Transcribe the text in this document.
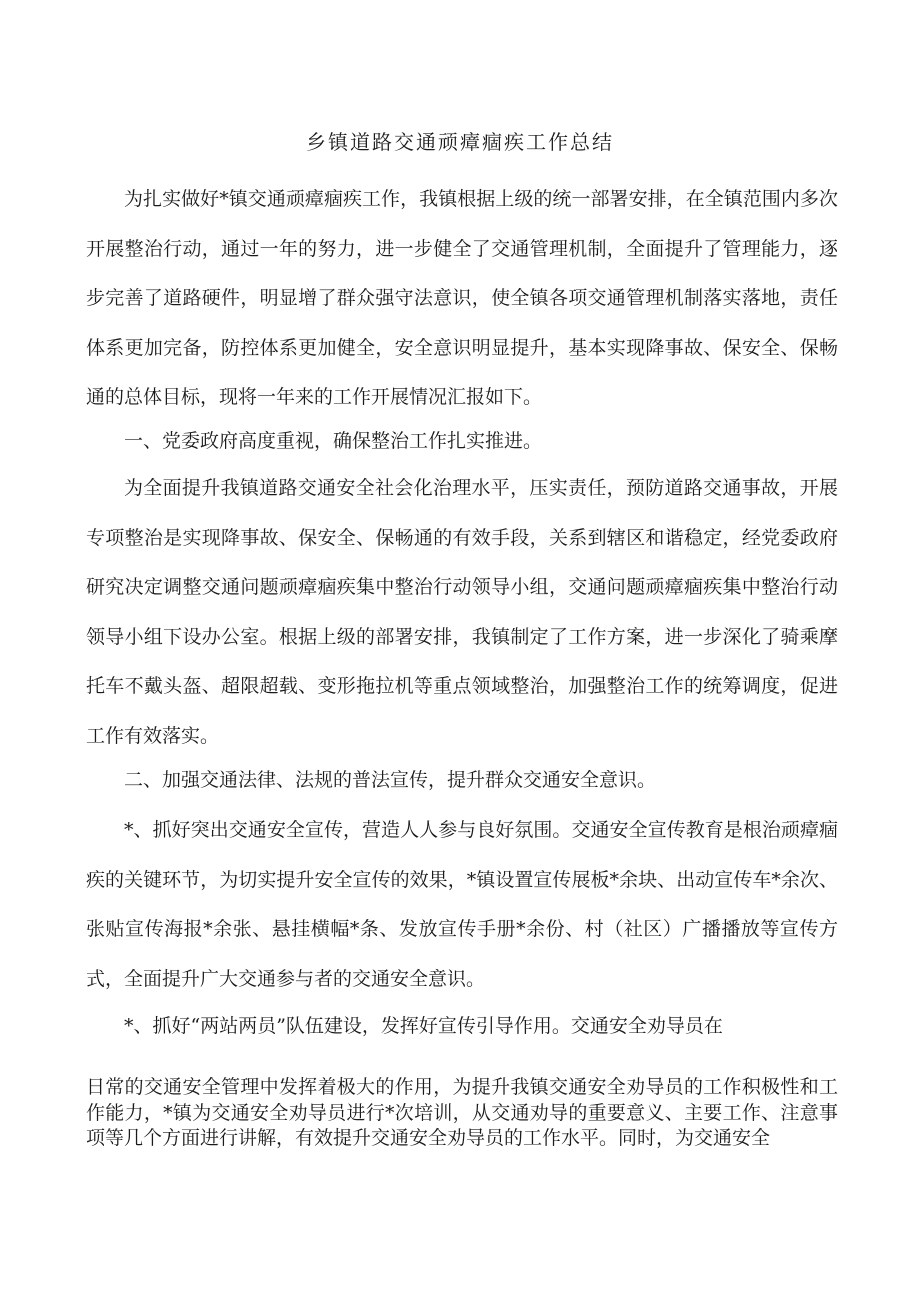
乡镇道路交通顽瘴痼疾工作总结

为扎实做好*镇交通顽瘴痼疾工作，我镇根据上级的统一部署安排，在全镇范围内多次开展整治行动，通过一年的努力，进一步健全了交通管理机制，全面提升了管理能力，逐步完善了道路硬件，明显增了群众强守法意识，使全镇各项交通管理机制落实落地，责任体系更加完备，防控体系更加健全，安全意识明显提升，基本实现降事故、保安全、保畅通的总体目标，现将一年来的工作开展情况汇报如下。

一、党委政府高度重视，确保整治工作扎实推进。

为全面提升我镇道路交通安全社会化治理水平，压实责任，预防道路交通事故，开展专项整治是实现降事故、保安全、保畅通的有效手段，关系到辖区和谐稳定，经党委政府研究决定调整交通问题顽瘴痼疾集中整治行动领导小组，交通问题顽瘴痼疾集中整治行动领导小组下设办公室。根据上级的部署安排，我镇制定了工作方案，进一步深化了骑乘摩托车不戴头盔、超限超载、变形拖拉机等重点领域整治，加强整治工作的统筹调度，促进工作有效落实。

二、加强交通法律、法规的普法宣传，提升群众交通安全意识。

*、抓好突出交通安全宣传，营造人人参与良好氛围。交通安全宣传教育是根治顽瘴痼疾的关键环节，为切实提升安全宣传的效果，*镇设置宣传展板*余块、出动宣传车*余次、张贴宣传海报*余张、悬挂横幅*条、发放宣传手册*余份、村（社区）广播播放等宣传方式，全面提升广大交通参与者的交通安全意识。

*、抓好“两站两员”队伍建设，发挥好宣传引导作用。交通安全劝导员在

日常的交通安全管理中发挥着极大的作用，为提升我镇交通安全劝导员的工作积极性和工作能力，*镇为交通安全劝导员进行*次培训，从交通劝导的重要意义、主要工作、注意事项等几个方面进行讲解，有效提升交通安全劝导员的工作水平。同时，为交通安全
